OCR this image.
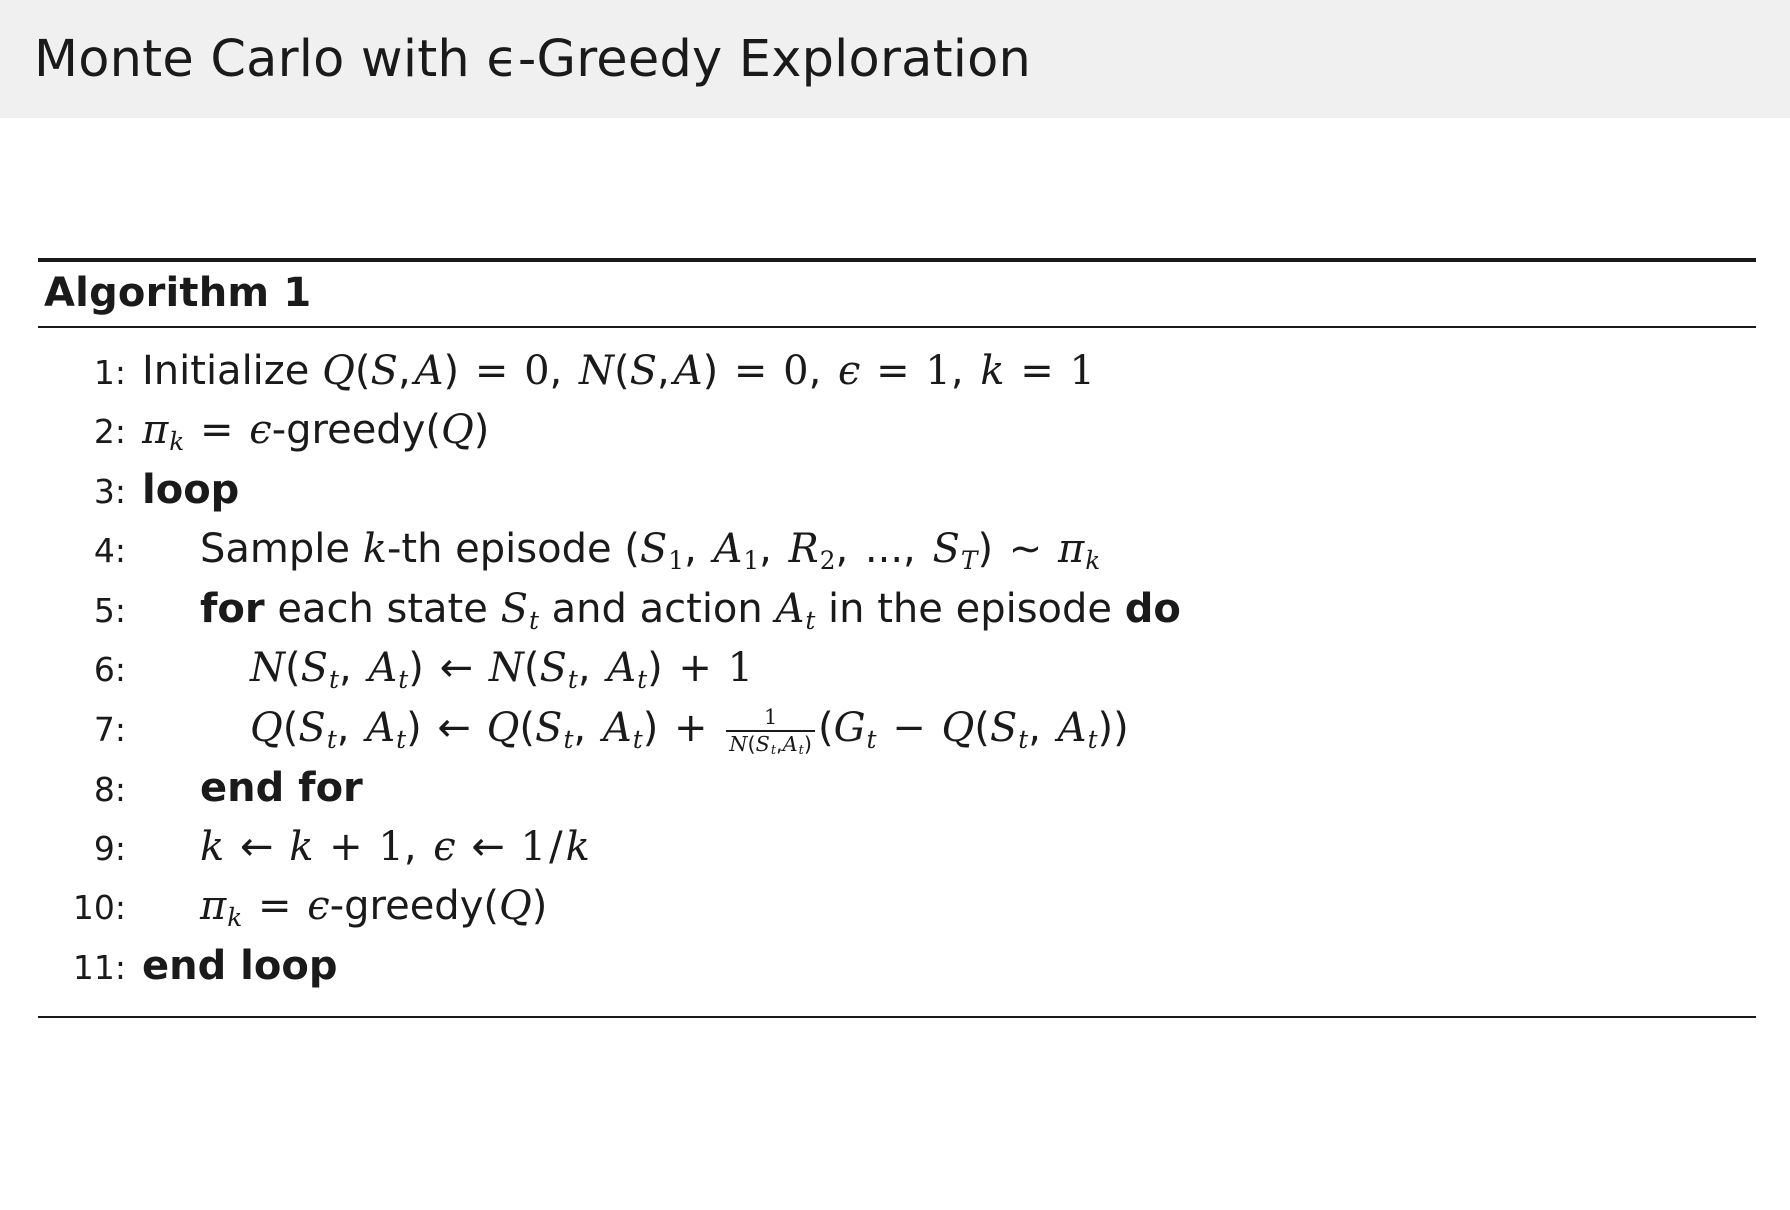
Monte Carlo with ϵ-Greedy Exploration
Algorithm 1
1: Initialize Q(S, A) = 0,  N(S, A) = 0,  ϵ = 1,  k = 1
2: $\pi_k$ = ϵ-greedy(Q)
3: loop
4:	Sample k-th episode ($S_1$,  $A_1$,  $R_2$,  ...,  $S_T$) ∼ $\pi_k$
5:	for each state $S_t$ and action $A_t$ in the episode do
6:	$N(S_t$,  $A_t$) ← $N(S_t$,  $A_t) + 1$
7:	$Q(S_t$,  $A_t$) ← $Q(S_t$,  $A_t) + \frac{1}{N(S_t,A_t)} (G_t - Q(S_t$,  $A_t$))
8:	end for
9:	k ← k + 1,  ϵ ← 1/k
10:	$\pi_k$ = ϵ-greedy(Q)
11: end loop
